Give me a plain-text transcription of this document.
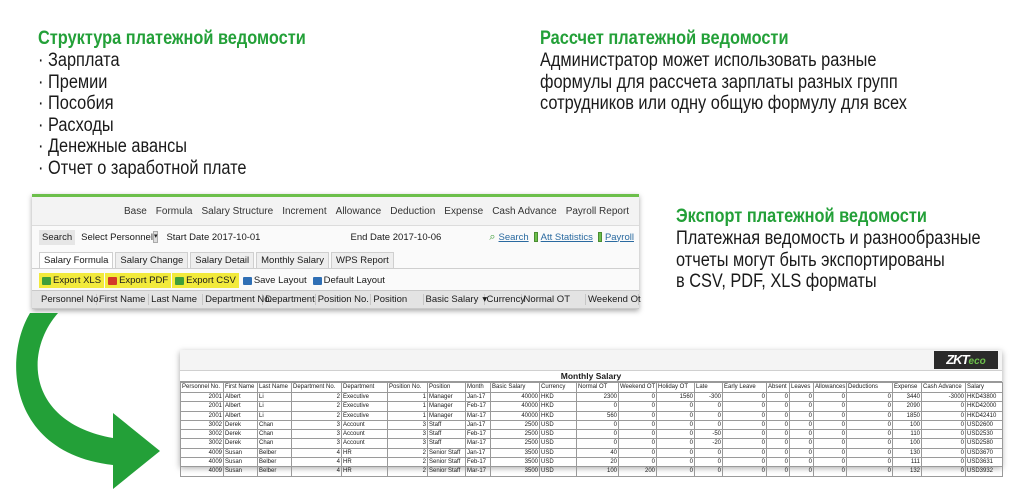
Структура платежной ведомости
· Зарплата
· Премии
· Пособия
· Расходы
· Денежные авансы
· Отчет о заработной плате
Рассчет платежной ведомости
Администратор может использовать разные
формулы для рассчета зарплаты разных групп
сотрудников или одну общую формулу для всех
Экспорт платежной ведомости
Платежная ведомость и разнообразные
отчеты могут быть экспортированы
в CSV, PDF, XLS форматы
Base Formula Salary Structure Increment Allowance Deduction Expense Cash Advance Payroll Report
Search Select Personnel ▾ Start Date
2017-10-01	End Date
2017-10-06	⌕ Search Att Statistics Payroll
Salary Formula	Salary Change	Salary Detail	Monthly Salary	WPS Report
Export XLS Export PDF Export CSV Save Layout Default Layout
Personnel No.
First Name Last Name Department No.
Department Position No. Position	Basic Salary ▾ Currency
Normal OT	Weekend Ot
ZKTeco
Monthly Salary
Personnel No.	First Name	Last Name	Department No.	Department	Position No.	Position	Month	Basic Salary	Currency	Normal OT	Weekend OT	Holiday OT	Late	Early Leave	Absent	Leaves	Allowances	Deductions	Expense	Cash Advance	Salary
2001	Albert	Li	2	Executive	1	Manager	Jan-17	40000	HKD	2300	0	1560	-300	0	0	0	0	0	3440	-3000	HKD43800
2001	Albert	Li	2	Executive	1	Manager	Feb-17	40000	HKD	0	0	0	0	0	0	0	0	0	2090	0	HKD42000
2001	Albert	Li	2	Executive	1	Manager	Mar-17	40000	HKD	560	0	0	0	0	0	0	0	0	1850	0	HKD42410
3002	Derek	Chan	3	Account	3	Staff	Jan-17	2500	USD	0	0	0	0	0	0	0	0	0	100	0	USD2600
3002	Derek	Chan	3	Account	3	Staff	Feb-17	2500	USD	0	0	0	-50	0	0	0	0	0	110	0	USD2530
3002	Derek	Chan	3	Account	3	Staff	Mar-17	2500	USD	0	0	0	-20	0	0	0	0	0	100	0	USD2580
4009	Susan	Belber	4	HR	2	Senior Staff	Jan-17	3500	USD	40	0	0	0	0	0	0	0	0	130	0	USD3670
4009	Susan	Belber	4	HR	2	Senior Staff	Feb-17	3500	USD	20	0	0	0	0	0	0	0	0	111	0	USD3631
4009	Susan	Belber	4	HR	2	Senior Staff	Mar-17	3500	USD	100	200	0	0	0	0	0	0	0	132	0	USD3932
